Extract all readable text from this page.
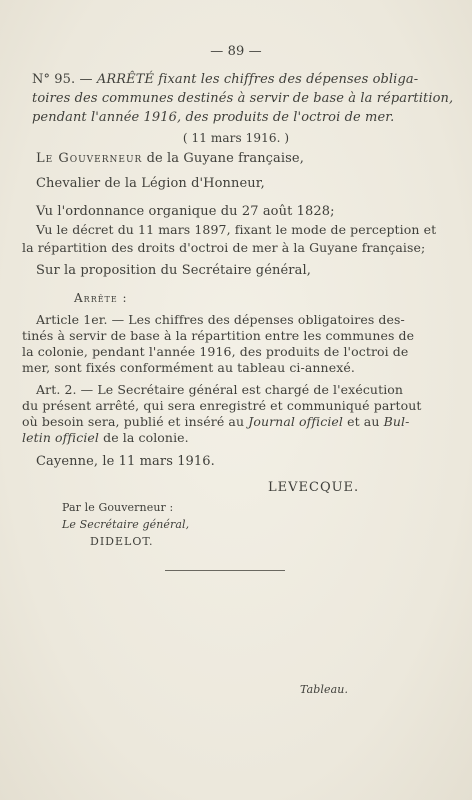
— 89 —
N° 95. — ARRÊTÉ fixant les chiffres des dépenses obliga-
toires des communes destinés à servir de base à la répartition,
pendant l'année 1916, des produits de l'octroi de mer.
( 11 mars 1916. )
Le Gouverneur de la Guyane française,
Chevalier de la Légion d'Honneur,
Vu l'ordonnance organique du 27 août 1828;
Vu le décret du 11 mars 1897, fixant le mode de perception et
la répartition des droits d'octroi de mer à la Guyane française;
Sur la proposition du Secrétaire général,
Arrête :
Article 1er. — Les chiffres des dépenses obligatoires des-
tinés à servir de base à la répartition entre les communes de
la colonie, pendant l'année 1916, des produits de l'octroi de
mer, sont fixés conformément au tableau ci-annexé.
Art. 2. — Le Secrétaire général est chargé de l'exécution
du présent arrêté, qui sera enregistré et communiqué partout
où besoin sera, publié et inséré au Journal officiel et au Bul-
letin officiel de la colonie.
Cayenne, le 11 mars 1916.
LEVECQUE.
Par le Gouverneur :
Le Secrétaire général,
DIDELOT.
Tableau.
